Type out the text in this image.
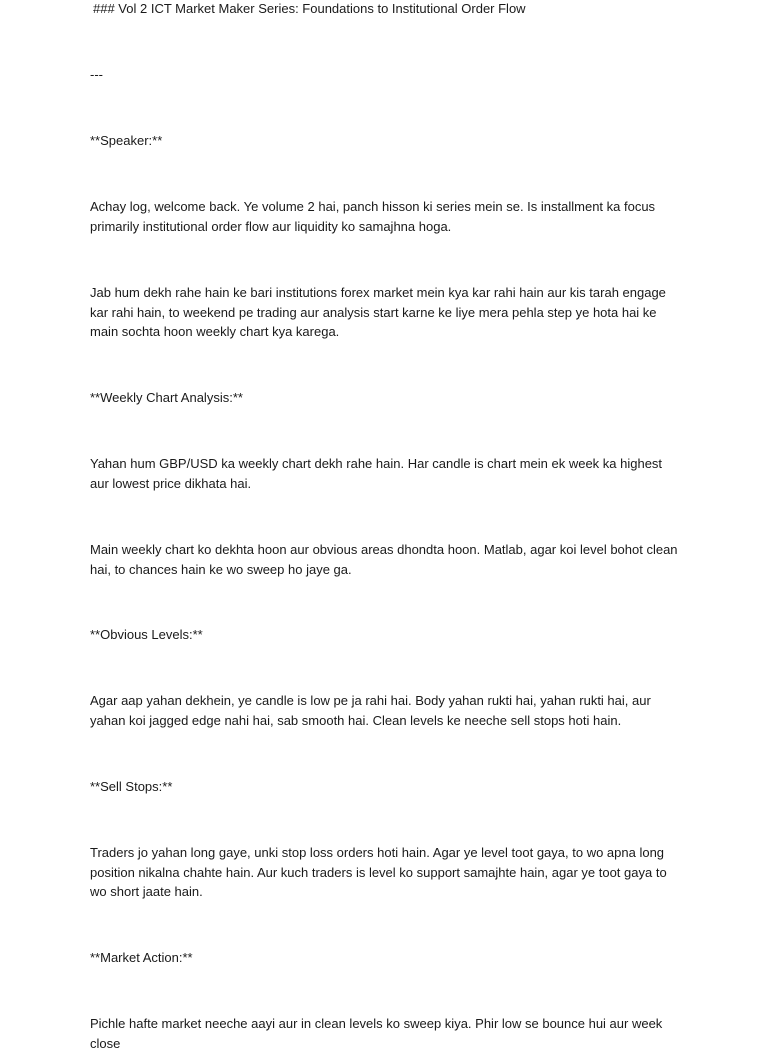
### Vol 2 ICT Market Maker Series: Foundations to Institutional Order Flow

---

**Speaker:**

Achay log, welcome back. Ye volume 2 hai, panch hisson ki series mein se. Is installment ka focus primarily institutional order flow aur liquidity ko samajhna hoga.

Jab hum dekh rahe hain ke bari institutions forex market mein kya kar rahi hain aur kis tarah engage kar rahi hain, to weekend pe trading aur analysis start karne ke liye mera pehla step ye hota hai ke main sochta hoon weekly chart kya karega.

**Weekly Chart Analysis:**

Yahan hum GBP/USD ka weekly chart dekh rahe hain. Har candle is chart mein ek week ka highest aur lowest price dikhata hai.

Main weekly chart ko dekhta hoon aur obvious areas dhondta hoon. Matlab, agar koi level bohot clean hai, to chances hain ke wo sweep ho jaye ga.

**Obvious Levels:**

Agar aap yahan dekhein, ye candle is low pe ja rahi hai. Body yahan rukti hai, yahan rukti hai, aur yahan koi jagged edge nahi hai, sab smooth hai. Clean levels ke neeche sell stops hoti hain.

**Sell Stops:**

Traders jo yahan long gaye, unki stop loss orders hoti hain. Agar ye level toot gaya, to wo apna long position nikalna chahte hain. Aur kuch traders is level ko support samajhte hain, agar ye toot gaya to wo short jaate hain.

**Market Action:**

Pichle hafte market neeche aayi aur in clean levels ko sweep kiya. Phir low se bounce hui aur week close
